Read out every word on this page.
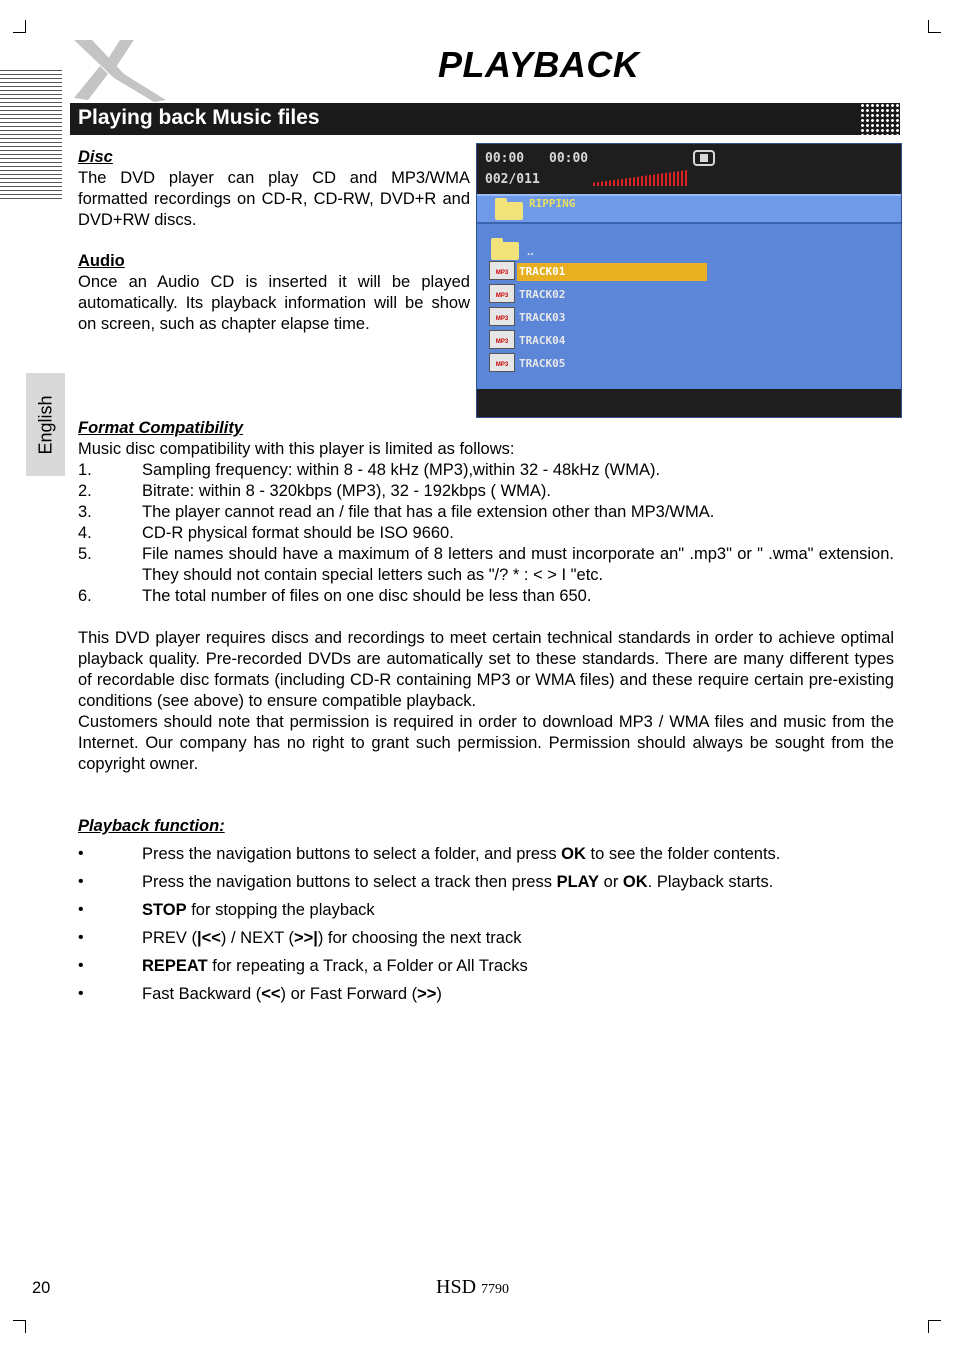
PLAYBACK
Playing back Music files
English
Disc
The DVD player can play CD and MP3/WMA formatted recordings on CD-R, CD-RW, DVD+R and DVD+RW discs.
Audio
Once an Audio CD is inserted it will be played automatically. Its playback information will be show on screen, such as chapter elapse time.
00:00 00:00
002/011
RIPPING
..
MP3 TRACK01
MP3 TRACK02
MP3 TRACK03
MP3 TRACK04
MP3 TRACK05
Format Compatibility
Music disc compatibility with this player is limited as follows:
1.	Sampling frequency: within 8 - 48 kHz (MP3),within 32 - 48kHz (WMA).
2.	Bitrate: within 8 - 320kbps (MP3), 32 - 192kbps ( WMA).
3.	The player cannot read an / file that has a file extension other than MP3/WMA.
4.	CD-R physical format should be ISO 9660.
5.	File names should have a maximum of 8 letters and must incorporate an" .mp3" or " .wma" extension. They should not contain special letters such as "/? * : < > I "etc.
6.	The total number of files on one disc should be less than 650.
This DVD player requires discs and recordings to meet certain technical standards in order to achieve optimal playback quality. Pre-recorded DVDs are automatically set to these standards. There are many different types of recordable disc formats (including CD-R containing MP3 or WMA files) and these require certain pre-existing conditions (see above) to ensure compatible playback.
Customers should note that permission is required in order to download MP3 / WMA files and music from the Internet. Our company has no right to grant such permission. Permission should always be sought from the copyright owner.
Playback function:
•	Press the navigation buttons to select a folder, and press OK to see the folder contents.
•	Press the navigation buttons to select a track then press PLAY or OK. Playback starts.
•	STOP for stopping the playback
•	PREV (|<<) / NEXT (>>|) for choosing the next track
•	REPEAT for repeating a Track, a Folder or All Tracks
•	Fast Backward (<<) or Fast Forward (>>)
20	HSD 7790
